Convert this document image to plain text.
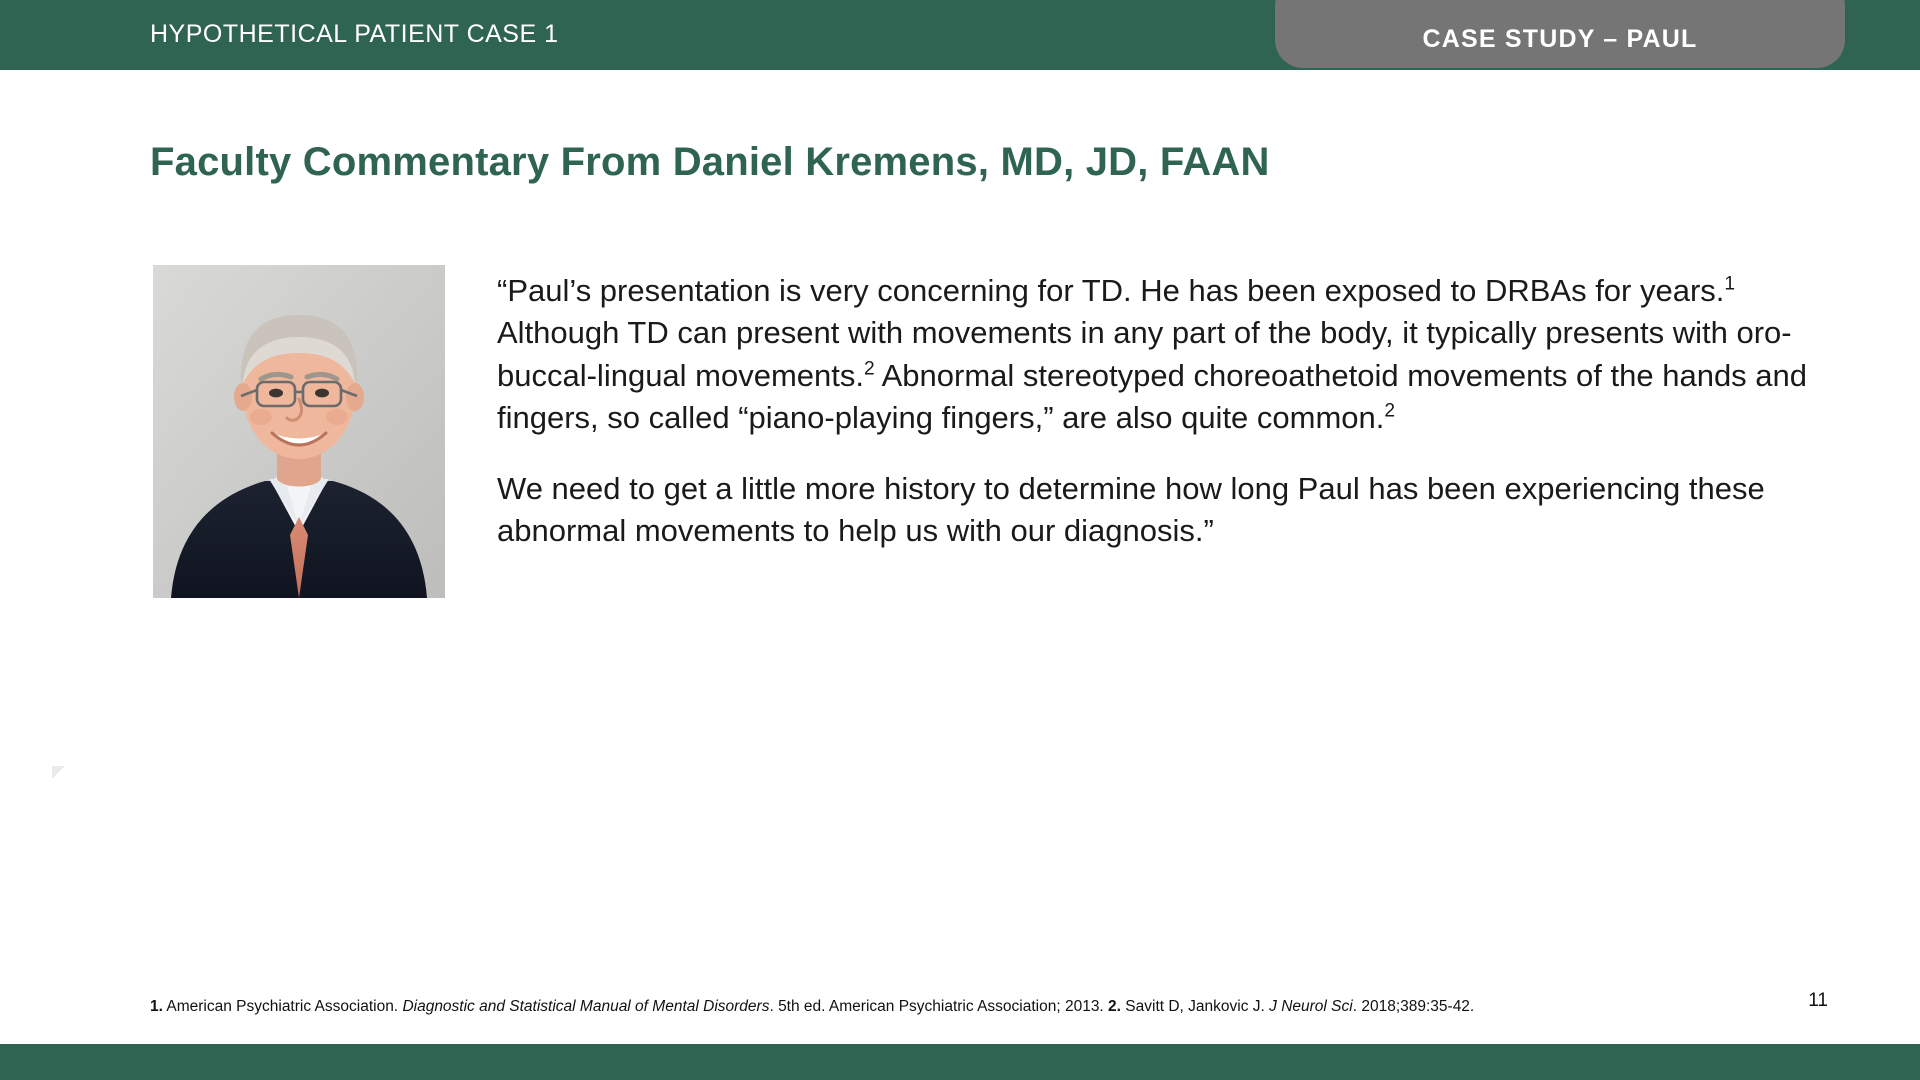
HYPOTHETICAL PATIENT CASE 1	CASE STUDY – PAUL
Faculty Commentary From Daniel Kremens, MD, JD, FAAN

“Paul’s presentation is very concerning for TD. He has been exposed to DRBAs for years.$^1$ Although TD can present with movements in any part of the body, it typically presents with oro-buccal-lingual movements.$^2$ Abnormal stereotyped choreoathetoid movements of the hands and fingers, so called “piano-playing fingers,” are also quite common.$^2$

We need to get a little more history to determine how long Paul has been experiencing these abnormal movements to help us with our diagnosis.”

1. American Psychiatric Association. Diagnostic and Statistical Manual of Mental Disorders. 5th ed. American Psychiatric Association; 2013. 2. Savitt D, Jankovic J. J Neurol Sci. 2018;389:35-42.	11
